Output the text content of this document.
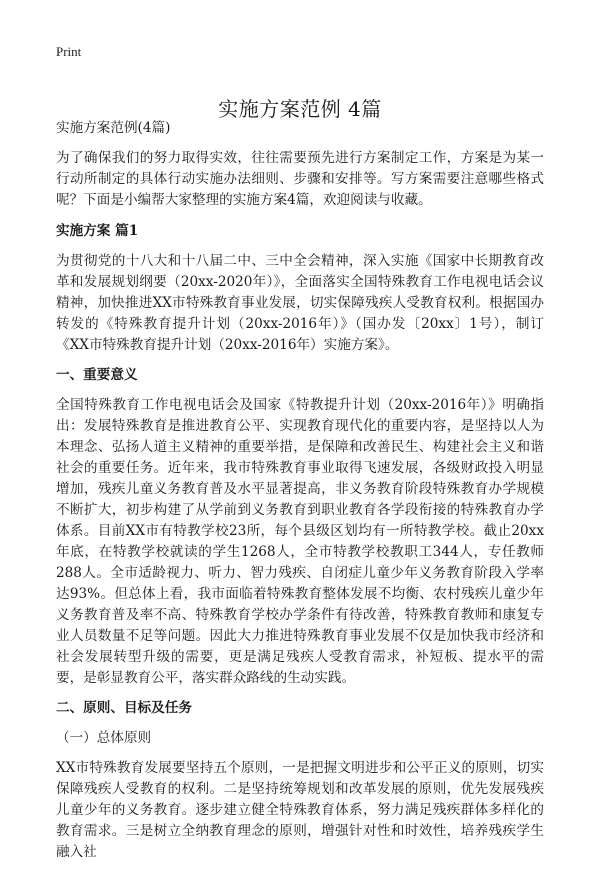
Print
实施方案范例 4篇

实施方案范例(4篇)

为了确保我们的努力取得实效，往往需要预先进行方案制定工作，方案是为某一行动所制定的具体行动实施办法细则、步骤和安排等。写方案需要注意哪些格式呢？下面是小编帮大家整理的实施方案4篇，欢迎阅读与收藏。

实施方案 篇1

为贯彻党的十八大和十八届二中、三中全会精神，深入实施《国家中长期教育改革和发展规划纲要（20xx-2020年）》，全面落实全国特殊教育工作电视电话会议精神，加快推进XX市特殊教育事业发展，切实保障残疾人受教育权利。根据国办转发的《特殊教育提升计划（20xx-2016年）》（国办发〔20xx〕1号），制订《XX市特殊教育提升计划（20xx-2016年）实施方案》。

一、重要意义

全国特殊教育工作电视电话会及国家《特教提升计划（20xx-2016年）》明确指出：发展特殊教育是推进教育公平、实现教育现代化的重要内容，是坚持以人为本理念、弘扬人道主义精神的重要举措，是保障和改善民生、构建社会主义和谐社会的重要任务。近年来，我市特殊教育事业取得飞速发展，各级财政投入明显增加，残疾儿童义务教育普及水平显著提高，非义务教育阶段特殊教育办学规模不断扩大，初步构建了从学前到义务教育到职业教育各学段衔接的特殊教育办学体系。目前XX市有特教学校23所，每个县级区划均有一所特教学校。截止20xx年底，在特教学校就读的学生1268人，全市特教学校教职工344人，专任教师288人。全市适龄视力、听力、智力残疾、自闭症儿童少年义务教育阶段入学率达93%。但总体上看，我市面临着特殊教育整体发展不均衡、农村残疾儿童少年义务教育普及率不高、特殊教育学校办学条件有待改善，特殊教育教师和康复专业人员数量不足等问题。因此大力推进特殊教育事业发展不仅是加快我市经济和社会发展转型升级的需要，更是满足残疾人受教育需求，补短板、提水平的需要，是彰显教育公平，落实群众路线的生动实践。

二、原则、目标及任务

（一）总体原则

XX市特殊教育发展要坚持五个原则，一是把握文明进步和公平正义的原则，切实保障残疾人受教育的权利。二是坚持统筹规划和改革发展的原则，优先发展残疾儿童少年的义务教育。逐步建立健全特殊教育体系，努力满足残疾群体多样化的教育需求。三是树立全纳教育理念的原则，增强针对性和时效性，培养残疾学生融入社
